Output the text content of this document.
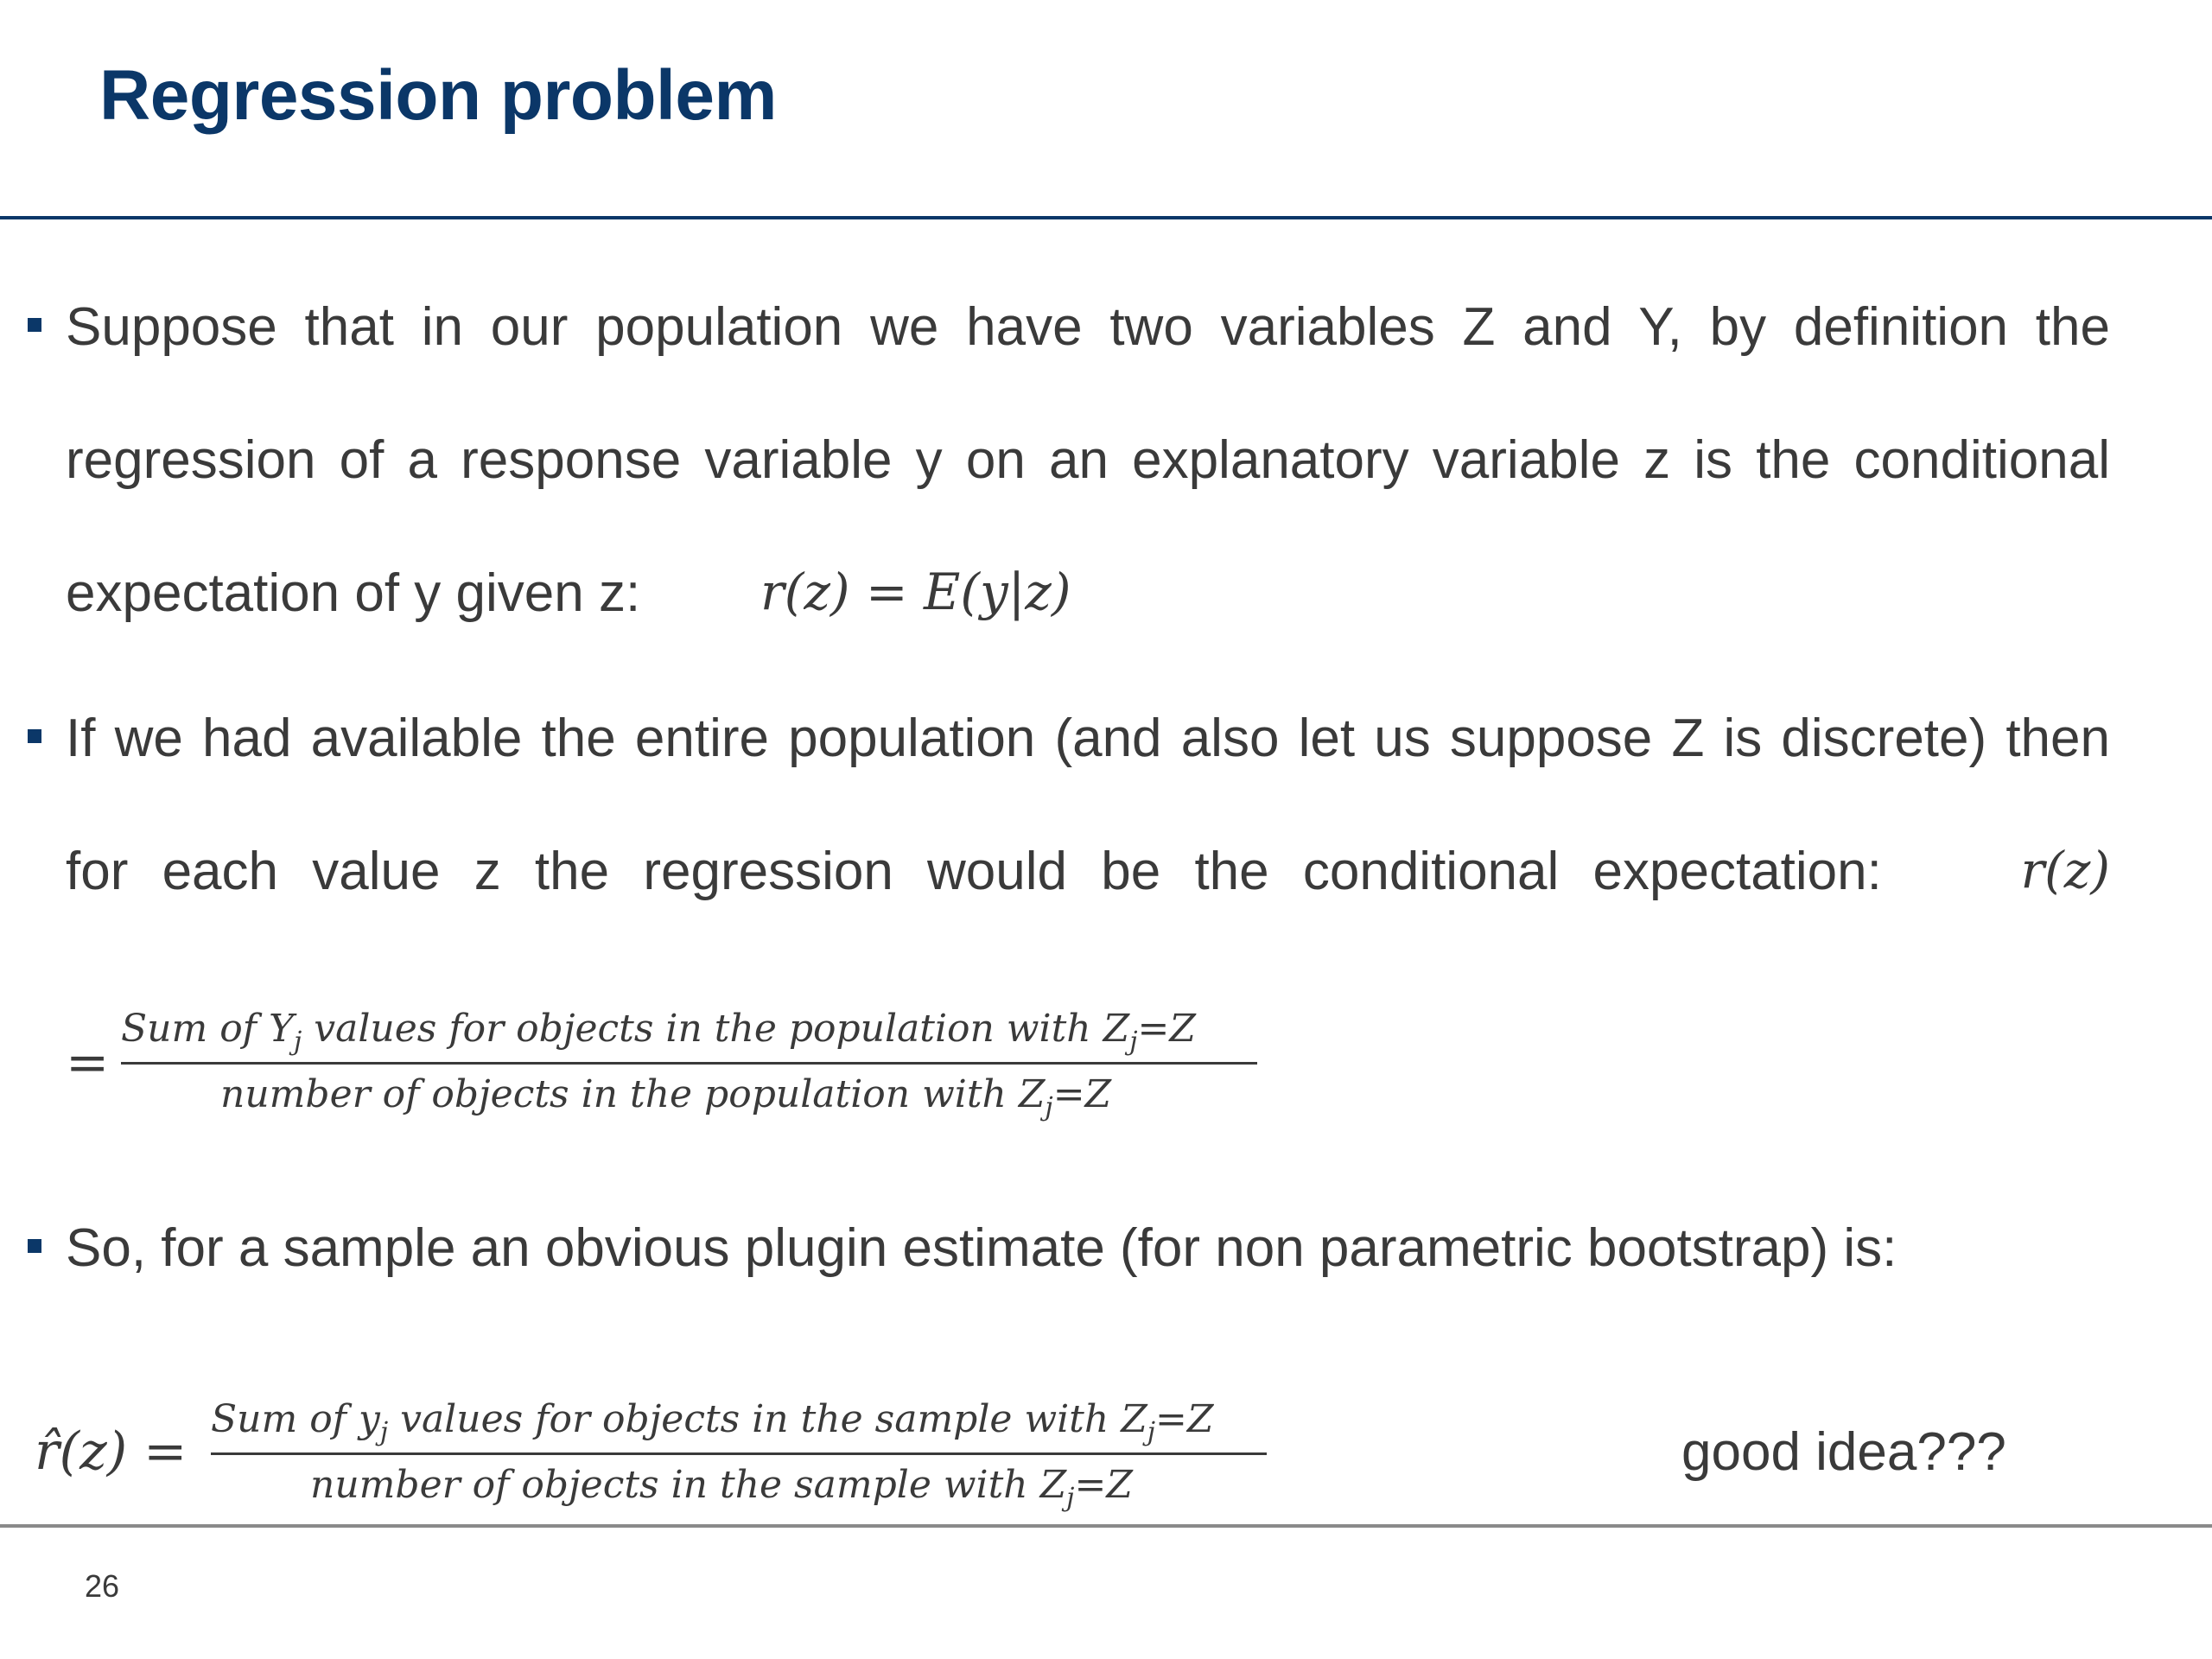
Regression problem
Suppose that in our population we have two variables Z and Y, by definition the
regression of a response variable y on an explanatory variable z is the conditional
expectation of y given z: r(z) = E(y|z)
If we had available the entire population (and also let us suppose Z is discrete) then
for each value z the regression would be the conditional expectation:	r(z)
=
Sum of $Y_j$ values for objects in the population with $Z_j=Z$
number of objects in the population with $Z_j=Z$
So, for a sample an obvious plugin estimate (for non parametric bootstrap) is:
r̂(z) =
Sum of $y_j$ values for objects in the sample with $Z_j=Z$
number of objects in the sample with $Z_j=Z$
good idea???
26
